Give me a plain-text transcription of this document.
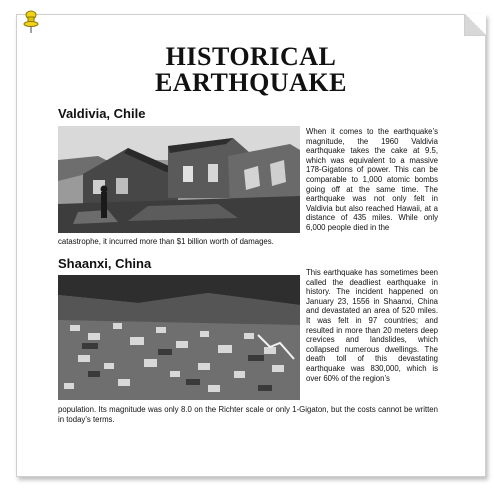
HISTORICAL
EARTHQUAKE
Valdivia, Chile
When it comes to the earthquake’s magnitude, the 1960 Valdivia earthquake takes the cake at 9.5, which was equivalent to a massive 178-Gigatons of power. This can be comparable to 1,000 atomic bombs going off at the same time. The earthquake was not only felt in Valdivia but also reached Hawaii, at a distance of 435 miles. While only 6,000 people died in the
catastrophe, it incurred more than $1 billion worth of damages.
Shaanxi, China
This earthquake has sometimes been called the deadliest earthquake in history. The incident happened on January 23, 1556 in Shaanxi, China and devastated an area of 520 miles. It was felt in 97 countries; and resulted in more than 20 meters deep crevices and landslides, which collapsed numerous dwellings. The death toll of this devastating earthquake was 830,000, which is over 60% of the region’s
population. Its magnitude was only 8.0 on the Richter scale or only 1-Gigaton, but the costs cannot be written in today’s terms.
